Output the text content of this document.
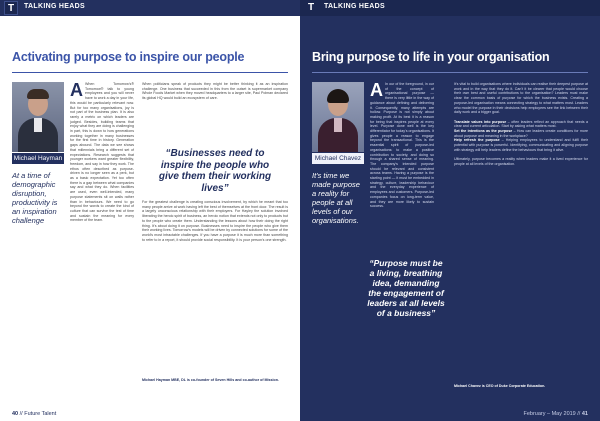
T	TALKING HEADS
Activating purpose to inspire our people
Michael Hayman
At a time of demographic disruption, productivity is an inspiration challenge
A When Tomorrow's® Tomorrow® talk to young employees and you will never have to work a day in your life, this would be particularly relevant now. But for too many organisations, joy is not part of the business plan. It is also rarely a metric on which leaders are judged. Besides, building teams that enjoy what they are doing is challenging in part, this is down to how generations working together in many businesses for the first time in history. Generation gaps abound. The data we see shows that millennials bring a different set of expectations. Research suggests that younger workers want greater flexibility, freedom, and say in how they work. The ethos often described as purpose-driven is no longer seen as a perk, but as a basic expectation. Yet too often there is a gap between what companies say and what they do. When facilities are used, even well-intended, many purpose statements sit on walls rather than in behaviours. We need to go beyond the words to create the kind of culture that can survive the test of time and sustain the meaning for every member of the team.
When politicians speak of products they might be better thinking it as an inspiration challenge. One business that succeeded in this from the outset is supermarket company Whole Foods Market when they moved headquarters to a larger site, Paul Polman declared its global HQ would build an ecosystem of care.
“Businesses need to inspire the people who give them their working lives”
For the greatest challenge is creating conscious involvement, by which he meant that too many people arrive at work having left the best of themselves at the front door. The result is a largely unconscious relationship with their employers. For Hayley the solution involved liberating the heroic spirit of business, an heroic notion that extends not only to products but to the people who create them. Understanding the lessons about how their doing the right thing. It's about doing it on purpose. Businesses need to inspire the people who give them their working lives. Tomorrow's models will be driven by connected solutions for some of the world's most intractable challenges. If you have a purpose it is much more than something to refer to in a report, it should provide social responsibility. It is your person's one strength.
Michael Hayman MBE, DL is co-founder of Seven Hills and co-author of Mission.
40 // Future Talent
T	TALKING HEADS
Bring purpose to life in your organisation
Michael Chavez
It's time we made purpose a reality for people at all levels of our organisations.
A In our of the foreground, in our of the concept of organisational purpose — there is very little in the way of guidance about defining and delivering it. Consequently, many attempts are hollow. Purpose is not simply about making profit. At its best it is a reason for being that inspires people at every level. Purpose done well is the key differentiator for today's organisations. It gives people a reason to engage beyond the transactional. This is the essential spirit of purpose-led organisations: to make a positive contribution to society, and doing so through a shared sense of meaning. The company's intended purpose should be relevant and consistent across teams. Having a purpose is the starting point — it must be embedded in strategy, culture, leadership behaviour and the everyday experience of employees and customers. Purpose-led companies focus on long-term value, and they are more likely to sustain success.
“Purpose must be a living, breathing idea, demanding the engagement of leaders at all levels of a business”
It's vital to build organisations where individuals can realise their deepest purpose at work and in the way that they do it. Can't it be clearer that people would choose their own best and useful contributions to the organisation? Leaders must make clear the common basis of purpose for which the business exists. Creating a purpose-led organisation means connecting strategy to what matters most. Leaders who model the purpose in their decisions help employees see the link between their daily work and a bigger goal.

Translate values into purpose – often leaders reflect an approach that needs a clear and current articulation. Start by asking what matters most.
Set the intentions as the purpose – How can leaders create conditions for more about purpose and meaning in the workplace?
Help refresh the purpose – Helping employees to understand and fulfil their potential with purpose is powerful. Identifying, communicating and aligning purpose with strategy will help leaders define the behaviours that bring it alive.

Ultimately, purpose becomes a reality when leaders make it a lived experience for people at all levels of the organisation.
Michael Chavez is CEO of Duke Corporate Education.
February – May 2019 // 41
